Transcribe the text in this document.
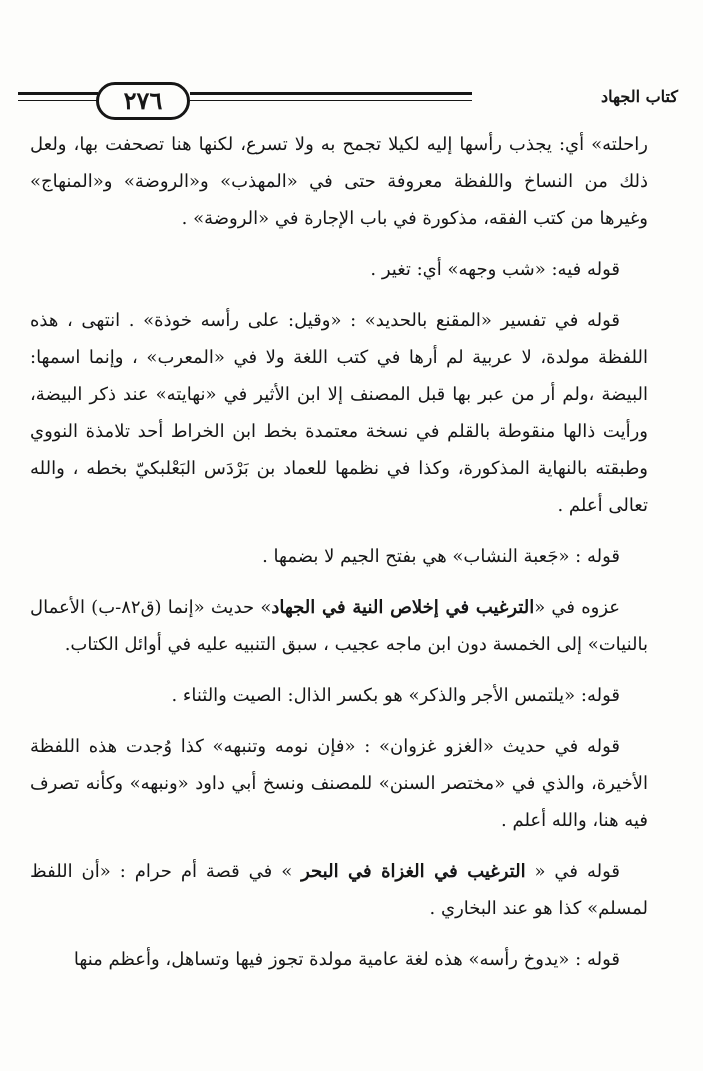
٢٧٦	كتاب الجهاد

راحلته» أي: يجذب رأسها إليه لكيلا تجمح به ولا تسرع، لكنها هنا تصحفت بها، ولعل ذلك من النساخ واللفظة معروفة حتى في «المهذب» و«الروضة» و«المنهاج» وغيرها من كتب الفقه، مذكورة في باب الإجارة في «الروضة» .

قوله فيه: «شب وجهه» أي: تغير .

قوله في تفسير «المقنع بالحديد» : «وقيل: على رأسه خوذة» . انتهى ، هذه اللفظة مولدة، لا عربية لم أرها في كتب اللغة ولا في «المعرب» ، وإنما اسمها: البيضة ،ولم أر من عبر بها قبل المصنف إلا ابن الأثير في «نهايته» عند ذكر البيضة، ورأيت ذالها منقوطة بالقلم في نسخة معتمدة بخط ابن الخراط أحد تلامذة النووي وطبقته بالنهاية المذكورة، وكذا في نظمها للعماد بن بَرْدَس البَعْلبكيّ بخطه ، والله تعالى أعلم .

قوله : «جَعبة النشاب» هي بفتح الجيم لا بضمها .

عزوه في «الترغيب في إخلاص النية في الجهاد» حديث «إنما (ق٨٢-ب) الأعمال بالنيات» إلى الخمسة دون ابن ماجه عجيب ، سبق التنبيه عليه في أوائل الكتاب.

قوله: «يلتمس الأجر والذكر» هو بكسر الذال: الصيت والثناء .

قوله في حديث «الغزو غزوان» : «فإن نومه وتنبهه» كذا وُجدت هذه اللفظة الأخيرة، والذي في «مختصر السنن» للمصنف ونسخ أبي داود «ونبهه» وكأنه تصرف فيه هنا، والله أعلم .

قوله في « الترغيب في الغزاة في البحر » في قصة أم حرام : «أن اللفظ لمسلم» كذا هو عند البخاري .

قوله : «يدوخ رأسه» هذه لغة عامية مولدة تجوز فيها وتساهل، وأعظم منها
